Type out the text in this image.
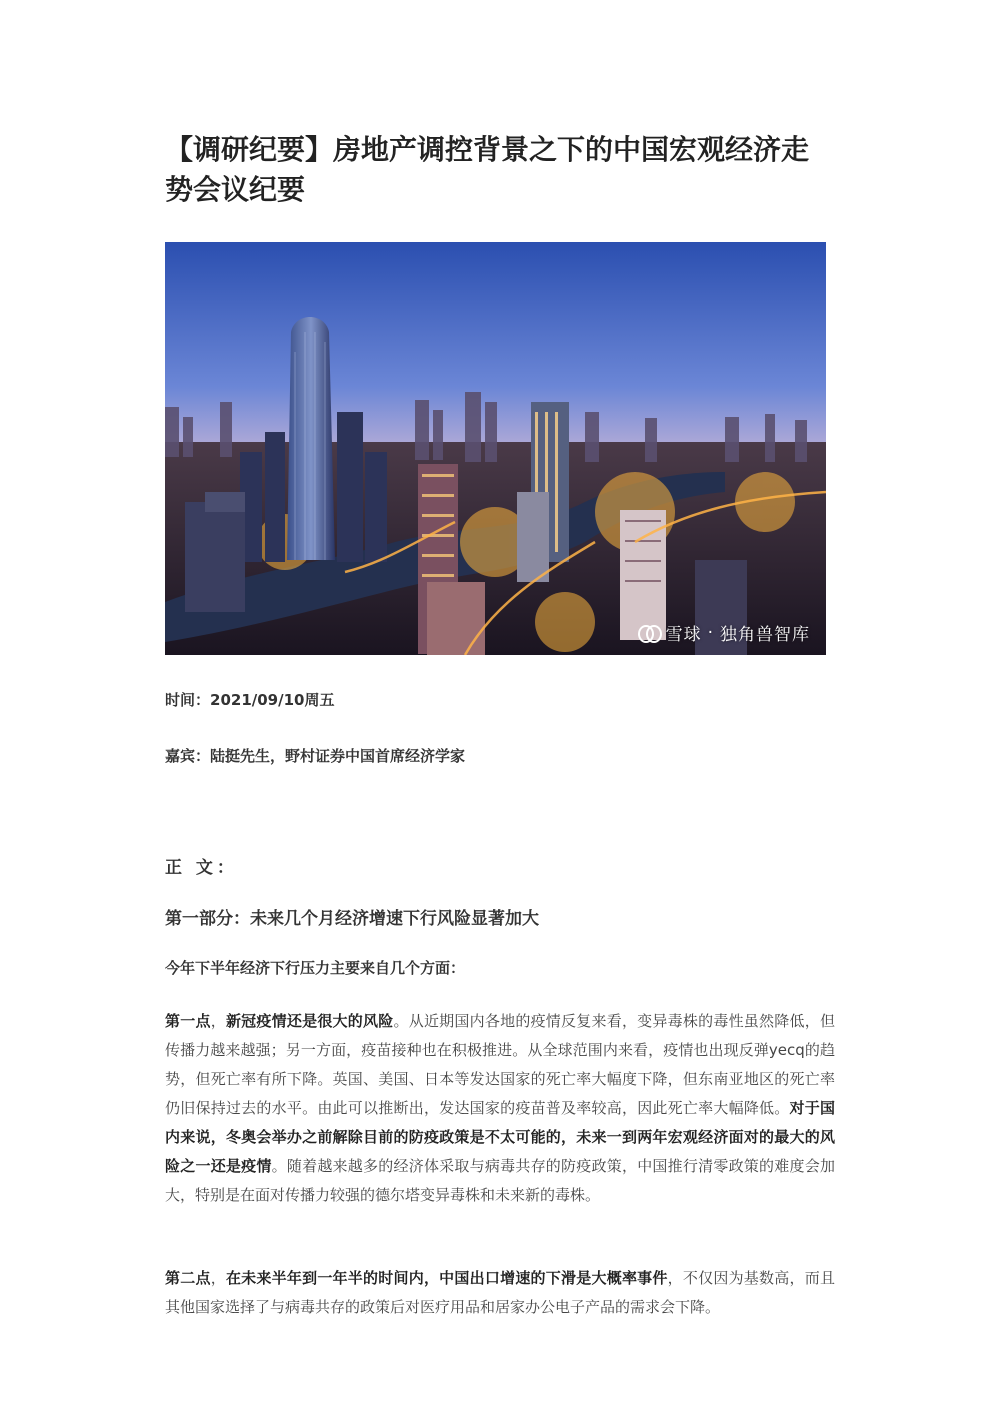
【调研纪要】房地产调控背景之下的中国宏观经济走势会议纪要
雪球 · 独角兽智库
时间：2021/09/10周五
嘉宾：陆挺先生，野村证券中国首席经济学家
正 文：
第一部分：未来几个月经济增速下行风险显著加大
今年下半年经济下行压力主要来自几个方面：

第一点，新冠疫情还是很大的风险。从近期国内各地的疫情反复来看，变异毒株的毒性虽然降低，但传播力越来越强；另一方面，疫苗接种也在积极推进。从全球范围内来看，疫情也出现反弹yecq的趋势，但死亡率有所下降。英国、美国、日本等发达国家的死亡率大幅度下降，但东南亚地区的死亡率仍旧保持过去的水平。由此可以推断出，发达国家的疫苗普及率较高，因此死亡率大幅降低。对于国内来说，冬奥会举办之前解除目前的防疫政策是不太可能的，未来一到两年宏观经济面对的最大的风险之一还是疫情。随着越来越多的经济体采取与病毒共存的防疫政策，中国推行清零政策的难度会加大，特别是在面对传播力较强的德尔塔变异毒株和未来新的毒株。

第二点，在未来半年到一年半的时间内，中国出口增速的下滑是大概率事件，不仅因为基数高，而且其他国家选择了与病毒共存的政策后对医疗用品和居家办公电子产品的需求会下降。
